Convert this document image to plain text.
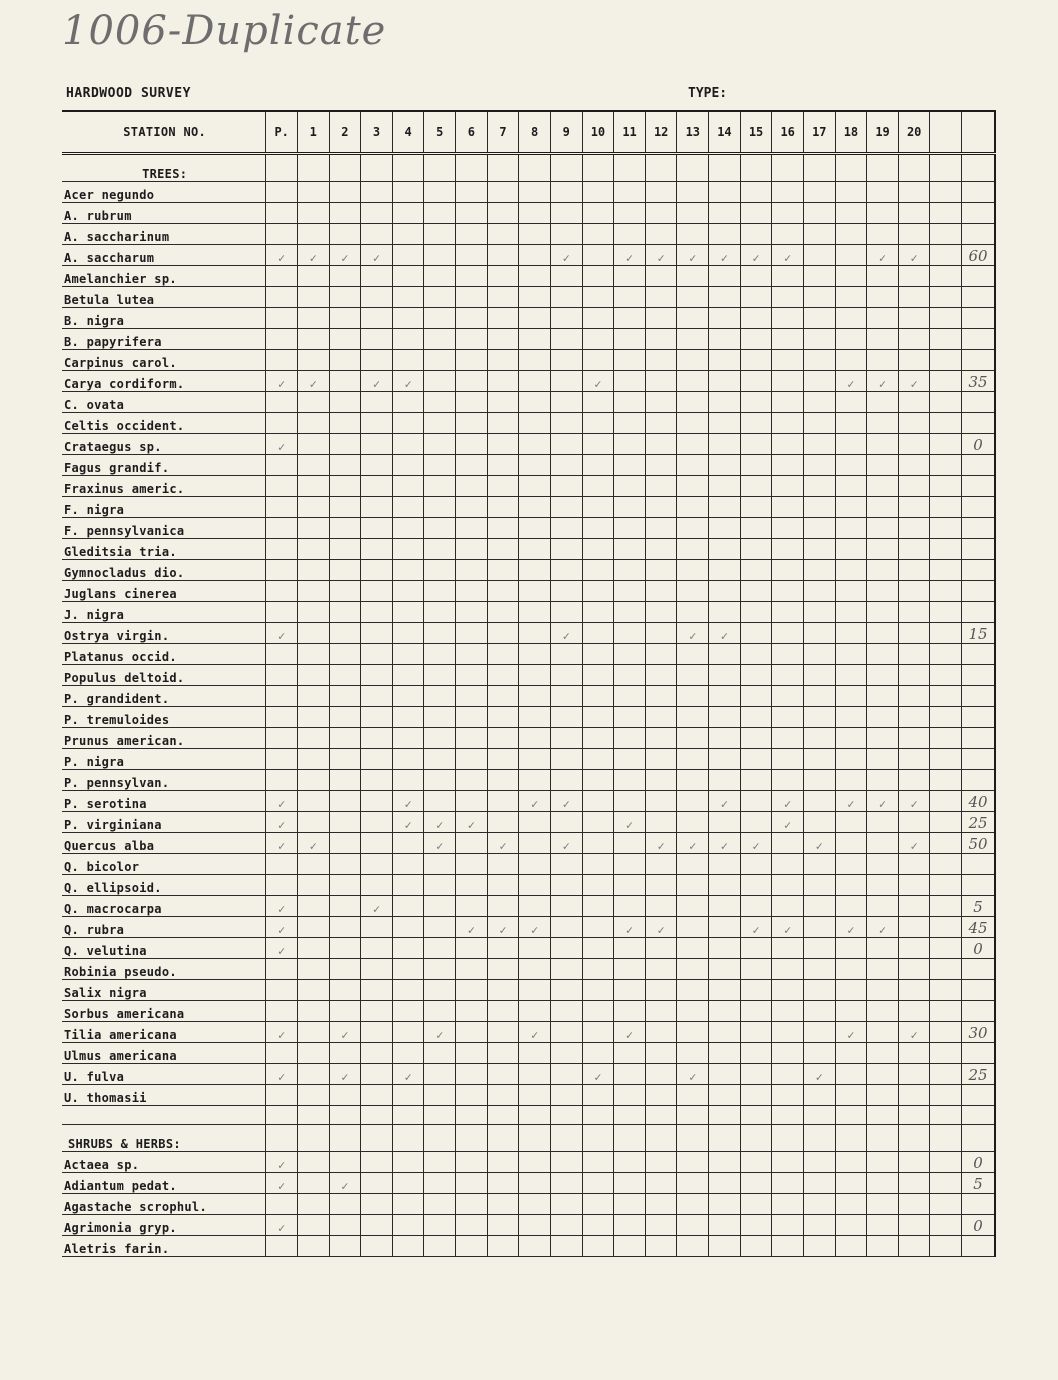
1006-Duplicate
HARDWOOD SURVEY	TYPE:
STATION NO.	P.	1	2	3	4	5	6	7	8	9	10	11	12	13	14	15	16	17	18	19	20		
TREES:																							
Acer negundo																							
A. rubrum																							
A. saccharinum																							
A. saccharum	✓	✓	✓	✓						✓		✓	✓	✓	✓	✓	✓			✓	✓		60
Amelanchier sp.																							
Betula lutea																							
B. nigra																							
B. papyrifera																							
Carpinus carol.																							
Carya cordiform.	✓	✓		✓	✓						✓								✓	✓	✓		35
C. ovata																							
Celtis occident.																							
Crataegus sp.	✓																						0
Fagus grandif.																							
Fraxinus americ.																							
F. nigra																							
F. pennsylvanica																							
Gleditsia tria.																							
Gymnocladus dio.																							
Juglans cinerea																							
J. nigra																							
Ostrya virgin.	✓									✓				✓	✓								15
Platanus occid.																							
Populus deltoid.																							
P. grandident.																							
P. tremuloides																							
Prunus american.																							
P. nigra																							
P. pennsylvan.																							
P. serotina	✓				✓				✓	✓					✓		✓		✓	✓	✓		40
P. virginiana	✓				✓	✓	✓					✓					✓						25
Quercus alba	✓	✓				✓		✓		✓			✓	✓	✓	✓		✓			✓		50
Q. bicolor																							
Q. ellipsoid.																							
Q. macrocarpa	✓			✓																			5
Q. rubra	✓						✓	✓	✓			✓	✓			✓	✓		✓	✓			45
Q. velutina	✓																						0
Robinia pseudo.																							
Salix nigra																							
Sorbus americana																							
Tilia americana	✓		✓			✓			✓			✓							✓		✓		30
Ulmus americana																							
U. fulva	✓		✓		✓						✓			✓				✓					25
U. thomasii																							

SHRUBS & HERBS:																							
Actaea sp.	✓																						0
Adiantum pedat.	✓		✓																				5
Agastache scrophul.																							
Agrimonia gryp.	✓																						0
Aletris farin.																							
